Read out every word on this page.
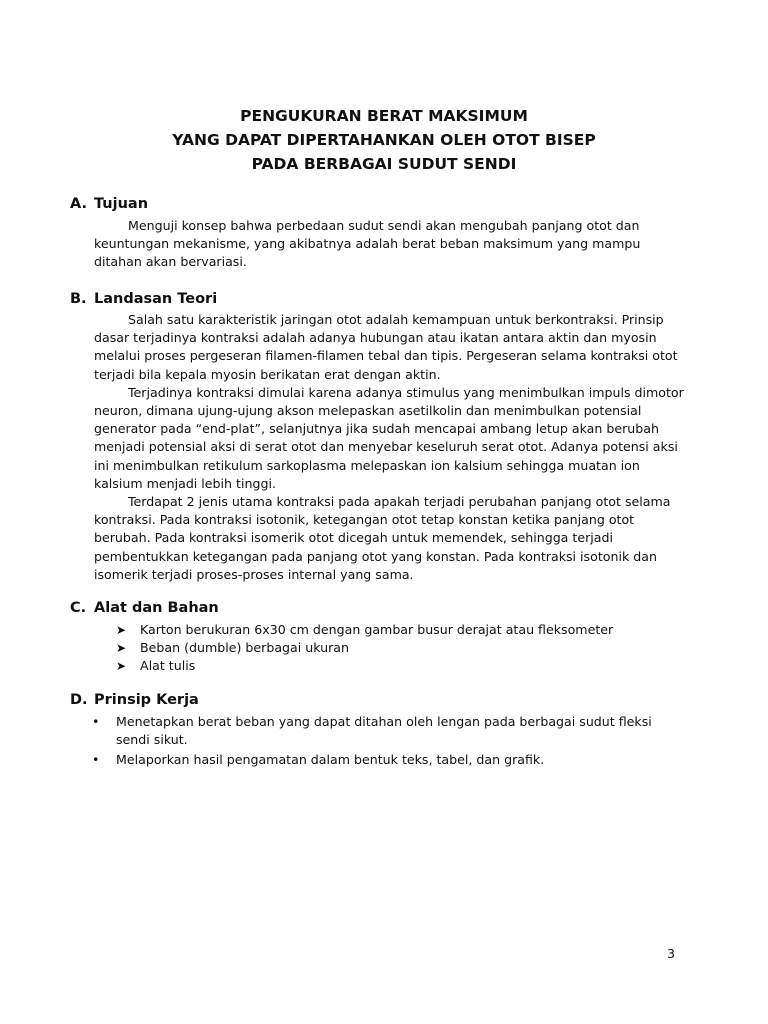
PENGUKURAN BERAT MAKSIMUM
YANG DAPAT DIPERTAHANKAN OLEH OTOT BISEP
PADA BERBAGAI SUDUT SENDI
A. Tujuan

Menguji konsep bahwa perbedaan sudut sendi akan mengubah panjang otot dan keuntungan mekanisme, yang akibatnya adalah berat beban maksimum yang mampu ditahan akan bervariasi.

B. Landasan Teori

Salah satu karakteristik jaringan otot adalah kemampuan untuk berkontraksi. Prinsip dasar terjadinya kontraksi adalah adanya hubungan atau ikatan antara aktin dan myosin melalui proses pergeseran filamen-filamen tebal dan tipis. Pergeseran selama kontraksi otot terjadi bila kepala myosin berikatan erat dengan aktin.

Terjadinya kontraksi dimulai karena adanya stimulus yang menimbulkan impuls dimotor neuron, dimana ujung-ujung akson melepaskan asetilkolin dan menimbulkan potensial generator pada “end-plat”, selanjutnya jika sudah mencapai ambang letup akan berubah menjadi potensial aksi di serat otot dan menyebar keseluruh serat otot. Adanya potensi aksi ini menimbulkan retikulum sarkoplasma melepaskan ion kalsium sehingga muatan ion kalsium menjadi lebih tinggi.

Terdapat 2 jenis utama kontraksi pada apakah terjadi perubahan panjang otot selama kontraksi. Pada kontraksi isotonik, ketegangan otot tetap konstan ketika panjang otot berubah. Pada kontraksi isomerik otot dicegah untuk memendek, sehingga terjadi pembentukkan ketegangan pada panjang otot yang konstan. Pada kontraksi isotonik dan isomerik terjadi proses-proses internal yang sama.

C. Alat dan Bahan
➤ Karton berukuran 6x30 cm dengan gambar busur derajat atau fleksometer
➤ Beban (dumble) berbagai ukuran
➤ Alat tulis
D. Prinsip Kerja
• Menetapkan berat beban yang dapat ditahan oleh lengan pada berbagai sudut fleksi sendi sikut.
• Melaporkan hasil pengamatan dalam bentuk teks, tabel, dan grafik.
3
